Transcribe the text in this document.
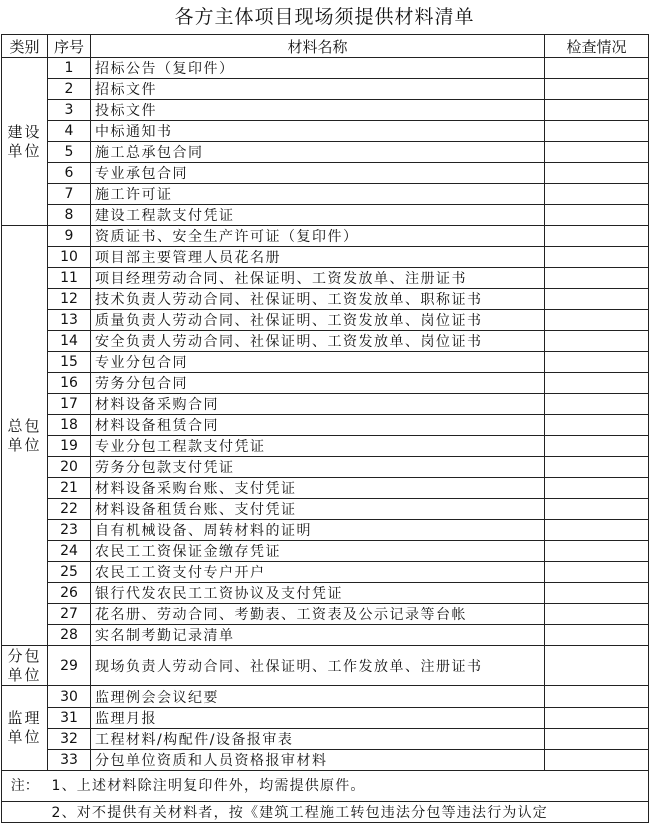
各方主体项目现场须提供材料清单
类别	序号	材料名称	检查情况
建设单位	1	招标公告（复印件）	
	2	招标文件	
	3	投标文件	
	4	中标通知书	
	5	施工总承包合同	
	6	专业承包合同	
	7	施工许可证	
	8	建设工程款支付凭证	
总包单位	9	资质证书、安全生产许可证（复印件）	
	10	项目部主要管理人员花名册	
	11	项目经理劳动合同、社保证明、工资发放单、注册证书	
	12	技术负责人劳动合同、社保证明、工资发放单、职称证书	
	13	质量负责人劳动合同、社保证明、工资发放单、岗位证书	
	14	安全负责人劳动合同、社保证明、工资发放单、岗位证书	
	15	专业分包合同	
	16	劳务分包合同	
	17	材料设备采购合同	
	18	材料设备租赁合同	
	19	专业分包工程款支付凭证	
	20	劳务分包款支付凭证	
	21	材料设备采购台账、支付凭证	
	22	材料设备租赁台账、支付凭证	
	23	自有机械设备、周转材料的证明	
	24	农民工工资保证金缴存凭证	
	25	农民工工资支付专户开户	
	26	银行代发农民工工资协议及支付凭证	
	27	花名册、劳动合同、考勤表、工资表及公示记录等台帐	
	28	实名制考勤记录清单	
分包单位	29	现场负责人劳动合同、社保证明、工作发放单、注册证书	
监理单位	30	监理例会会议纪要	
	31	监理月报	
	32	工程材料/构配件/设备报审表	
	33	分包单位资质和人员资格报审材料	
注：	1、上述材料除注明复印件外，均需提供原件。		
	2、对不提供有关材料者，按《建筑工程施工转包违法分包等违法行为认定		
